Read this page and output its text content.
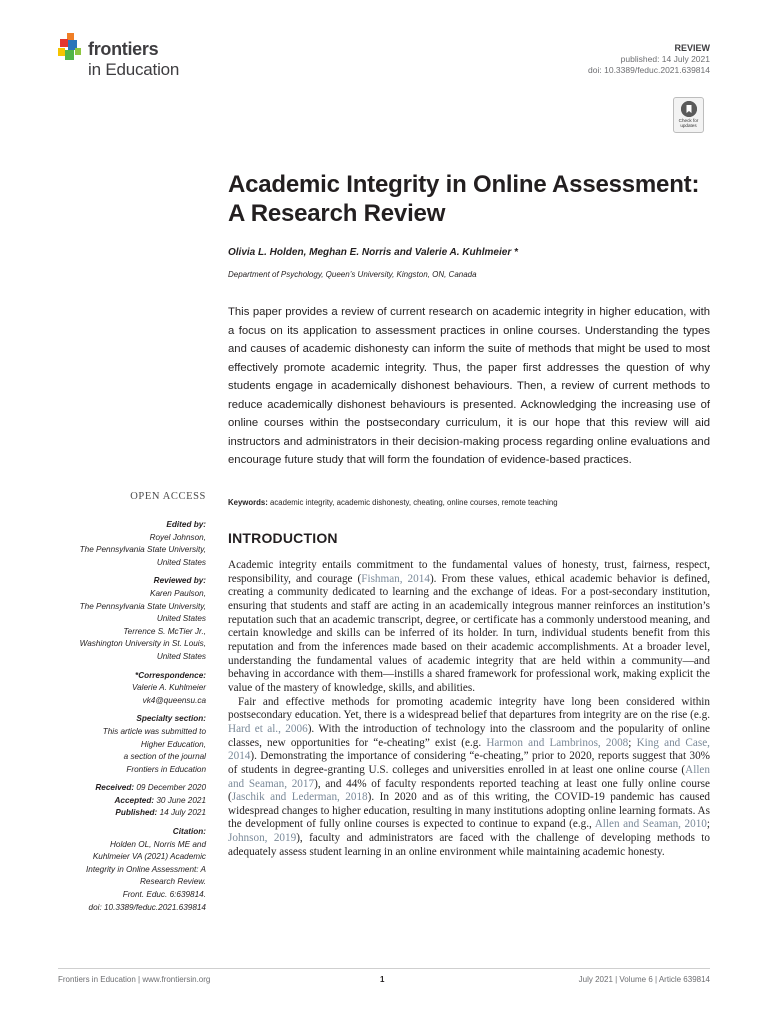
frontiers
in Education
REVIEW
published: 14 July 2021
doi: 10.3389/feduc.2021.639814
Check for
updates
Academic Integrity in Online Assessment: A Research Review
Olivia L. Holden, Meghan E. Norris and Valerie A. Kuhlmeier *
Department of Psychology, Queen’s University, Kingston, ON, Canada
This paper provides a review of current research on academic integrity in higher education, with a focus on its application to assessment practices in online courses. Understanding the types and causes of academic dishonesty can inform the suite of methods that might be used to most effectively promote academic integrity. Thus, the paper first addresses the question of why students engage in academically dishonest behaviours. Then, a review of current methods to reduce academically dishonest behaviours is presented. Acknowledging the increasing use of online courses within the postsecondary curriculum, it is our hope that this review will aid instructors and administrators in their decision-making process regarding online evaluations and encourage future study that will form the foundation of evidence-based practices.
Keywords: academic integrity, academic dishonesty, cheating, online courses, remote teaching
OPEN ACCESS
Edited by:
Royel Johnson,
The Pennsylvania State University,
United States
Reviewed by:
Karen Paulson,
The Pennsylvania State University,
United States
Terrence S. McTier Jr.,
Washington University in St. Louis,
United States
*Correspondence:
Valerie A. Kuhlmeier
vk4@queensu.ca
Specialty section:
This article was submitted to
Higher Education,
a section of the journal
Frontiers in Education
Received: 09 December 2020
Accepted: 30 June 2021
Published: 14 July 2021
Citation:
Holden OL, Norris ME and
Kuhlmeier VA (2021) Academic
Integrity in Online Assessment: A
Research Review.
Front. Educ. 6:639814.
doi: 10.3389/feduc.2021.639814
INTRODUCTION

Academic integrity entails commitment to the fundamental values of honesty, trust, fairness, respect, responsibility, and courage (Fishman, 2014). From these values, ethical academic behavior is defined, creating a community dedicated to learning and the exchange of ideas. For a post-secondary institution, ensuring that students and staff are acting in an academically integrous manner reinforces an institution’s reputation such that an academic transcript, degree, or certificate has a commonly understood meaning, and certain knowledge and skills can be inferred of its holder. In turn, individual students benefit from this reputation and from the inferences made based on their academic accomplishments. At a broader level, understanding the fundamental values of academic integrity that are held within a community—and behaving in accordance with them—instills a shared framework for professional work, making explicit the value of the mastery of knowledge, skills, and abilities.

Fair and effective methods for promoting academic integrity have long been considered within postsecondary education. Yet, there is a widespread belief that departures from integrity are on the rise (e.g. Hard et al., 2006). With the introduction of technology into the classroom and the popularity of online classes, new opportunities for “e-cheating” exist (e.g. Harmon and Lambrinos, 2008; King and Case, 2014). Demonstrating the importance of considering “e-cheating,” prior to 2020, reports suggest that 30% of students in degree-granting U.S. colleges and universities enrolled in at least one online course (Allen and Seaman, 2017), and 44% of faculty respondents reported teaching at least one fully online course (Jaschik and Lederman, 2018). In 2020 and as of this writing, the COVID-19 pandemic has caused widespread changes to higher education, resulting in many institutions adopting online learning formats. As the development of fully online courses is expected to continue to expand (e.g., Allen and Seaman, 2010; Johnson, 2019), faculty and administrators are faced with the challenge of developing methods to adequately assess student learning in an online environment while maintaining academic honesty.

Frontiers in Education | www.frontiersin.org	1	July 2021 | Volume 6 | Article 639814
